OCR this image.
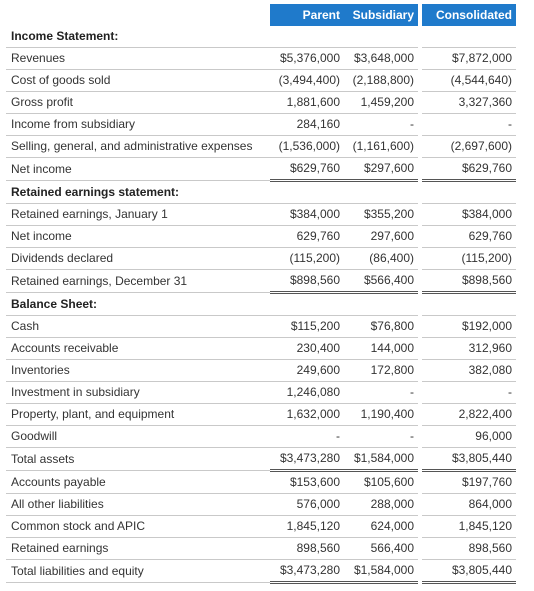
	Parent	Subsidiary		Consolidated
Income Statement:				
Revenues	$5,376,000	$3,648,000		$7,872,000
Cost of goods sold	(3,494,400)	(2,188,800)		(4,544,640)
Gross profit	1,881,600	1,459,200		3,327,360
Income from subsidiary	284,160	-		-
Selling, general, and administrative expenses	(1,536,000)	(1,161,600)		(2,697,600)
Net income	$629,760	$297,600		$629,760
Retained earnings statement:				
Retained earnings, January 1	$384,000	$355,200		$384,000
Net income	629,760	297,600		629,760
Dividends declared	(115,200)	(86,400)		(115,200)
Retained earnings, December 31	$898,560	$566,400		$898,560
Balance Sheet:				
Cash	$115,200	$76,800		$192,000
Accounts receivable	230,400	144,000		312,960
Inventories	249,600	172,800		382,080
Investment in subsidiary	1,246,080	-		-
Property, plant, and equipment	1,632,000	1,190,400		2,822,400
Goodwill	-	-		96,000
Total assets	$3,473,280	$1,584,000		$3,805,440
Accounts payable	$153,600	$105,600		$197,760
All other liabilities	576,000	288,000		864,000
Common stock and APIC	1,845,120	624,000		1,845,120
Retained earnings	898,560	566,400		898,560
Total liabilities and equity	$3,473,280	$1,584,000		$3,805,440
